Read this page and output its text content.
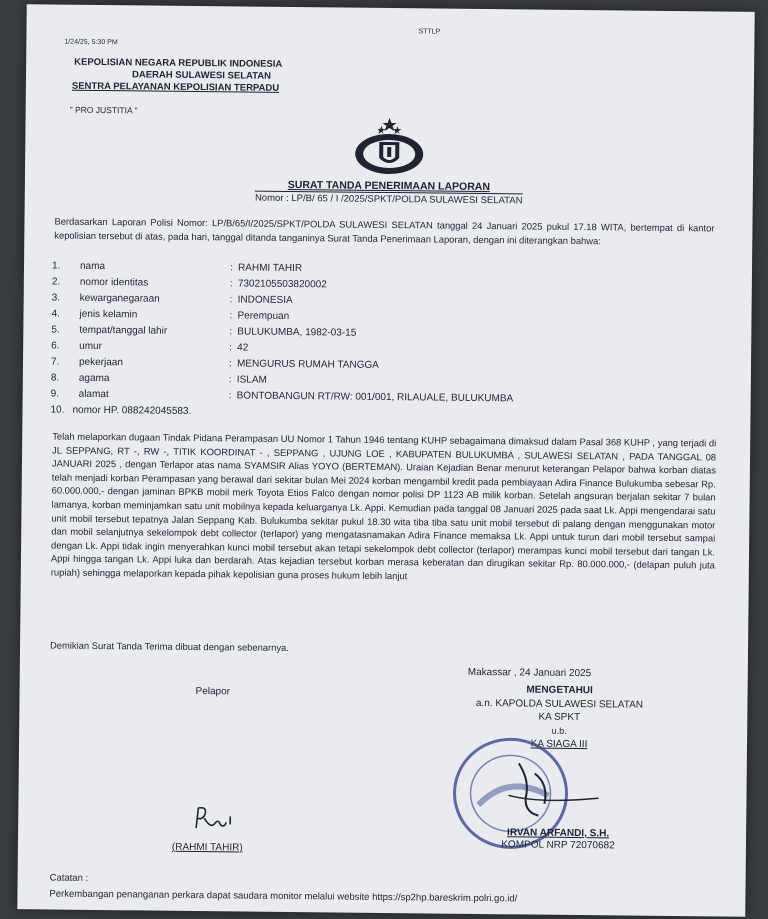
1/24/25, 5:30 PM
STTLP
KEPOLISIAN NEGARA REPUBLIK INDONESIA
DAERAH SULAWESI SELATAN
SENTRA PELAYANAN KEPOLISIAN TERPADU
" PRO JUSTITIA "
SURAT TANDA PENERIMAAN LAPORAN
Nomor : LP/B/ 65 / I /2025/SPKT/POLDA SULAWESI SELATAN
Berdasarkan Laporan Polisi Nomor: LP/B/65/I/2025/SPKT/POLDA SULAWESI SELATAN tanggal 24 Januari 2025 pukul 17.18 WITA, bertempat di kantor kepolisian tersebut di atas, pada hari, tanggal ditanda tanganinya Surat Tanda Penerimaan Laporan, dengan ini diterangkan bahwa:
1.	nama	: RAHMI TAHIR
2.	nomor identitas	: 7302105503820002
3.	kewarganegaraan	: INDONESIA
4.	jenis kelamin	: Perempuan
5.	tempat/tanggal lahir	: BULUKUMBA, 1982-03-15
6.	umur	: 42
7.	pekerjaan	: MENGURUS RUMAH TANGGA
8.	agama	: ISLAM
9.	alamat	: BONTOBANGUN RT/RW: 001/001, RILAUALE, BULUKUMBA
10. nomor HP. 088242045583.
Telah melaporkan dugaan Tindak Pidana Perampasan UU Nomor 1 Tahun 1946 tentang KUHP sebagaimana dimaksud dalam Pasal 368 KUHP , yang terjadi di JL SEPPANG, RT -, RW -, TITIK KOORDINAT - , SEPPANG , UJUNG LOE , KABUPATEN BULUKUMBA , SULAWESI SELATAN , PADA TANGGAL 08 JANUARI 2025 , dengan Terlapor atas nama SYAMSIR Alias YOYO (BERTEMAN). Uraian Kejadian Benar menurut keterangan Pelapor bahwa korban diatas telah menjadi korban Perampasan yang berawal dari sekitar bulan Mei 2024 korban mengambil kredit pada pembiayaan Adira Finance Bulukumba sebesar Rp. 60.000.000,- dengan jaminan BPKB mobil merk Toyota Etios Falco dengan nomor polisi DP 1123 AB milik korban. Setelah angsuran berjalan sekitar 7 bulan lamanya, korban meminjamkan satu unit mobilnya kepada keluarganya Lk. Appi. Kemudian pada tanggal 08 Januari 2025 pada saat Lk. Appi mengendarai satu unit mobil tersebut tepatnya Jalan Seppang Kab. Bulukumba sekitar pukul 18.30 wita tiba tiba satu unit mobil tersebut di palang dengan menggunakan motor dan mobil selanjutnya sekelompok debt collector (terlapor) yang mengatasnamakan Adira Finance memaksa Lk. Appi untuk turun dari mobil tersebut sampai dengan Lk. Appi tidak ingin menyerahkan kunci mobil tersebut akan tetapi sekelompok debt collector (terlapor) merampas kunci mobil tersebut dari tangan Lk. Appi hingga tangan Lk. Appi luka dan berdarah. Atas kejadian tersebut korban merasa keberatan dan dirugikan sekitar Rp. 80.000.000,- (delapan puluh juta rupiah) sehingga melaporkan kepada pihak kepolisian guna proses hukum lebih lanjut
Demikian Surat Tanda Terima dibuat dengan sebenarnya.
Makassar , 24 Januari 2025
Pelapor	MENGETAHUI
a.n. KAPOLDA SULAWESI SELATAN
KA SPKT
u.b.
KA SIAGA III
IRVAN ARFANDI, S.H.
KOMPOL NRP 72070682
(RAHMI TAHIR)
Catatan :
Perkembangan penanganan perkara dapat saudara monitor melalui website https://sp2hp.bareskrim.polri.go.id/
